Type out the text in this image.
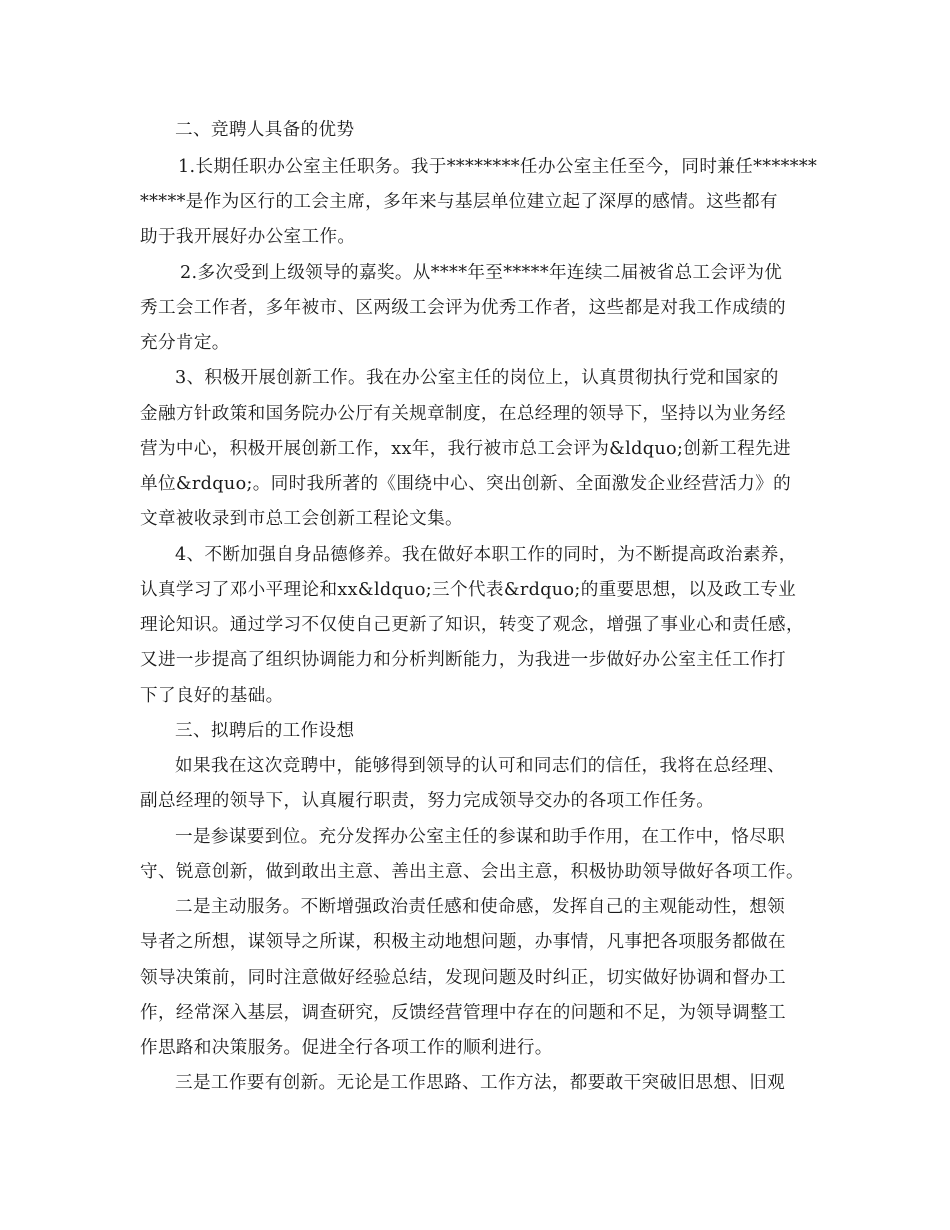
二、竞聘人具备的优势
1.长期任职办公室主任职务。我于********任办公室主任至今，同时兼任*******
*****是作为区行的工会主席，多年来与基层单位建立起了深厚的感情。这些都有
助于我开展好办公室工作。
2.多次受到上级领导的嘉奖。从****年至*****年连续二届被省总工会评为优
秀工会工作者，多年被市、区两级工会评为优秀工作者，这些都是对我工作成绩的
充分肯定。
3、积极开展创新工作。我在办公室主任的岗位上，认真贯彻执行党和国家的
金融方针政策和国务院办公厅有关规章制度，在总经理的领导下，坚持以为业务经
营为中心，积极开展创新工作，xx年，我行被市总工会评为&ldquo;创新工程先进
单位&rdquo;。同时我所著的《围绕中心、突出创新、全面激发企业经营活力》的
文章被收录到市总工会创新工程论文集。
4、不断加强自身品德修养。我在做好本职工作的同时，为不断提高政治素养，
认真学习了邓小平理论和xx&ldquo;三个代表&rdquo;的重要思想，以及政工专业
理论知识。通过学习不仅使自己更新了知识，转变了观念，增强了事业心和责任感，
又进一步提高了组织协调能力和分析判断能力，为我进一步做好办公室主任工作打
下了良好的基础。
三、拟聘后的工作设想
如果我在这次竞聘中，能够得到领导的认可和同志们的信任，我将在总经理、
副总经理的领导下，认真履行职责，努力完成领导交办的各项工作任务。
一是参谋要到位。充分发挥办公室主任的参谋和助手作用，在工作中，恪尽职
守、锐意创新，做到敢出主意、善出主意、会出主意，积极协助领导做好各项工作。
二是主动服务。不断增强政治责任感和使命感，发挥自己的主观能动性，想领
导者之所想，谋领导之所谋，积极主动地想问题，办事情，凡事把各项服务都做在
领导决策前，同时注意做好经验总结，发现问题及时纠正，切实做好协调和督办工
作，经常深入基层，调查研究，反馈经营管理中存在的问题和不足，为领导调整工
作思路和决策服务。促进全行各项工作的顺利进行。
三是工作要有创新。无论是工作思路、工作方法，都要敢干突破旧思想、旧观
